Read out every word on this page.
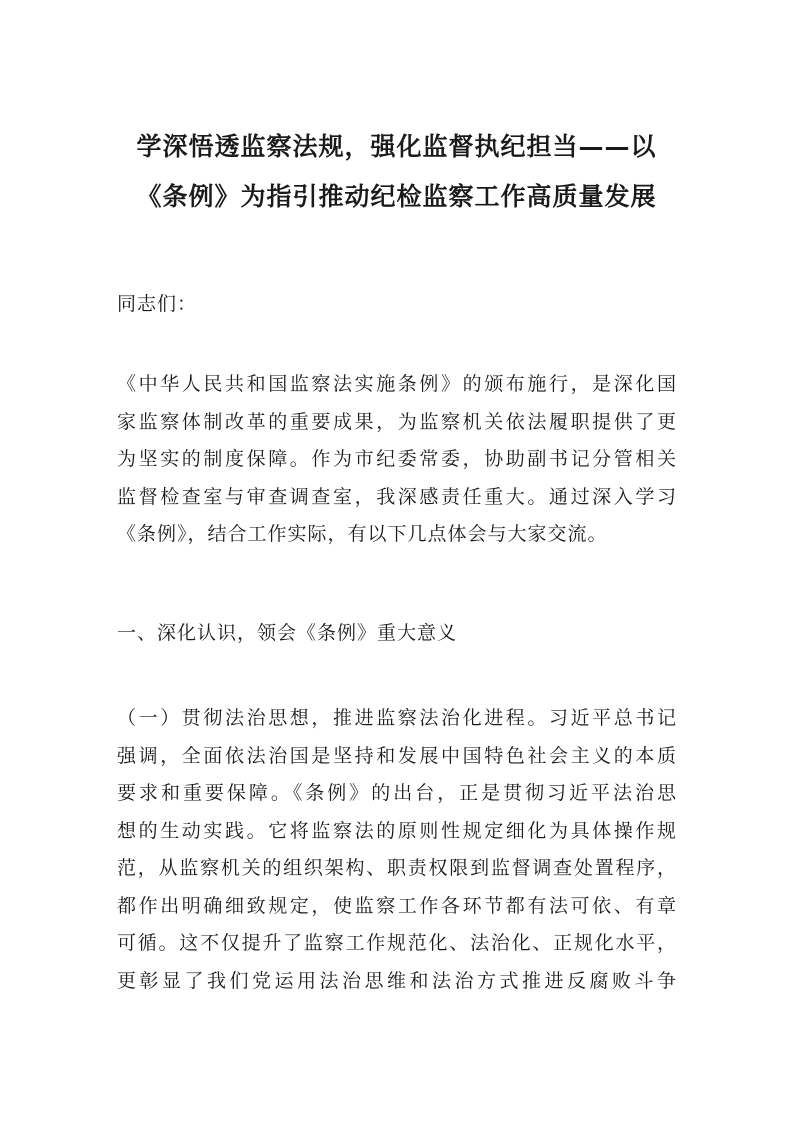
学深悟透监察法规，强化监督执纪担当——以
《条例》为指引推动纪检监察工作高质量发展
同志们：
《中华人民共和国监察法实施条例》的颁布施行，是深化国
家监察体制改革的重要成果，为监察机关依法履职提供了更
为坚实的制度保障。作为市纪委常委，协助副书记分管相关
监督检查室与审查调查室，我深感责任重大。通过深入学习
《条例》，结合工作实际，有以下几点体会与大家交流。
一、深化认识，领会《条例》重大意义
（一）贯彻法治思想，推进监察法治化进程。习近平总书记
强调，全面依法治国是坚持和发展中国特色社会主义的本质
要求和重要保障。《条例》的出台，正是贯彻习近平法治思
想的生动实践。它将监察法的原则性规定细化为具体操作规
范，从监察机关的组织架构、职责权限到监督调查处置程序，
都作出明确细致规定，使监察工作各环节都有法可依、有章
可循。这不仅提升了监察工作规范化、法治化、正规化水平，
更彰显了我们党运用法治思维和法治方式推进反腐败斗争
